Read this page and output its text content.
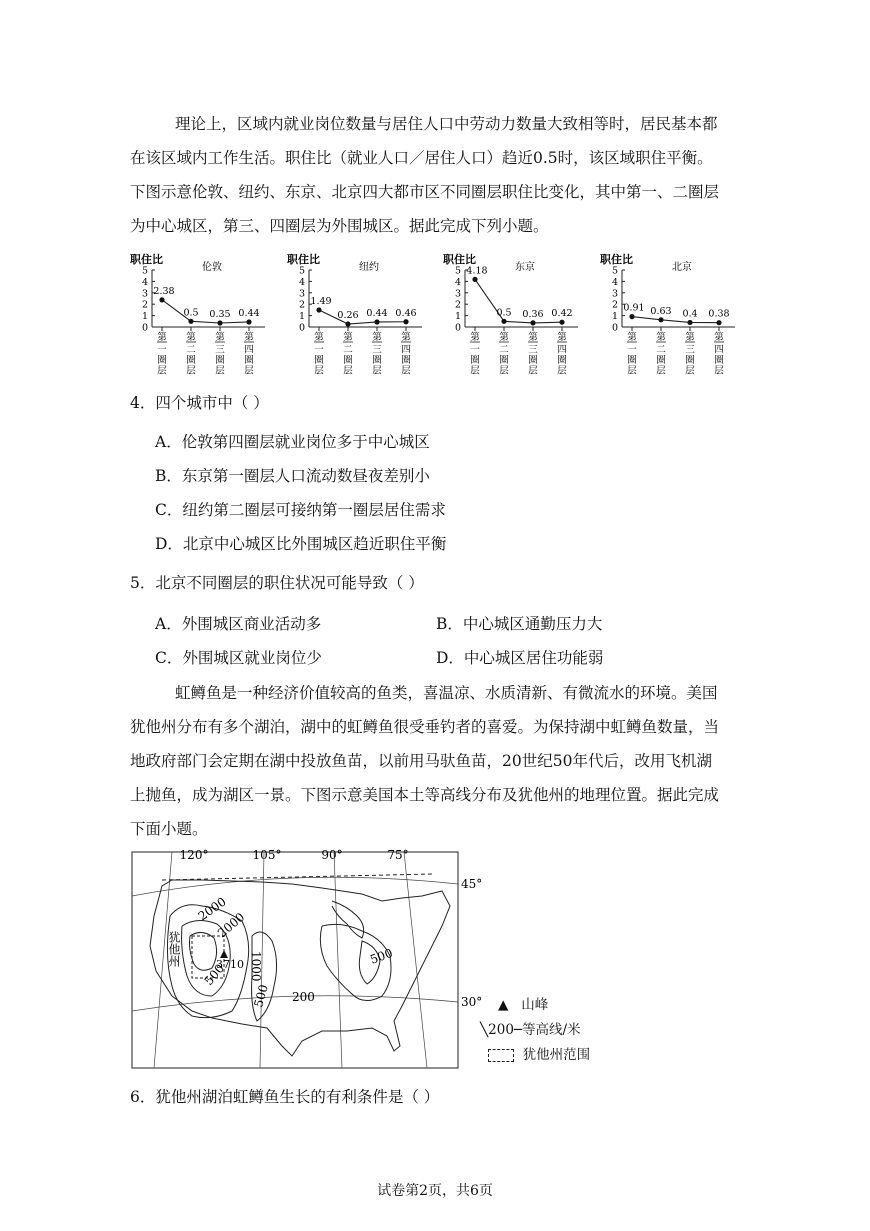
理论上，区域内就业岗位数量与居住人口中劳动力数量大致相等时，居民基本都
在该区域内工作生活。职住比（就业人口／居住人口）趋近0.5时，该区域职住平衡。
下图示意伦敦、纽约、东京、北京四大都市区不同圈层职住比变化，其中第一、二圈层
为中心城区，第三、四圈层为外围城区。据此完成下列小题。
职住比
伦敦
5
4
3
2
1
0
2.38
第
一
圈
层
0.5
第
二
圈
层
0.35
第
三
圈
层
0.44
第
四
圈
层
职住比
纽约
5
4
3
2
1
0
1.49
第
一
圈
层
0.26
第
二
圈
层
0.44
第
三
圈
层
0.46
第
四
圈
层
职住比
东京
5
4
3
2
1
0
4.18
第
一
圈
层
0.5
第
二
圈
层
0.36
第
三
圈
层
0.42
第
四
圈
层
职住比
北京
5
4
3
2
1
0
0.91
第
一
圈
层
0.63
第
二
圈
层
0.4
第
三
圈
层
0.38
第
四
圈
层
4．四个城市中（ ）
A．伦敦第四圈层就业岗位多于中心城区
B．东京第一圈层人口流动数昼夜差别小
C．纽约第二圈层可接纳第一圈层居住需求
D．北京中心城区比外围城区趋近职住平衡
5．北京不同圈层的职住状况可能导致（ ）
A．外围城区商业活动多	B．中心城区通勤压力大
C．外围城区就业岗位少	D．中心城区居住功能弱
虹鳟鱼是一种经济价值较高的鱼类，喜温凉、水质清新、有微流水的环境。美国
犹他州分布有多个湖泊，湖中的虹鳟鱼很受垂钓者的喜爱。为保持湖中虹鳟鱼数量，当
地政府部门会定期在湖中投放鱼苗，以前用马驮鱼苗，20世纪50年代后，改用飞机湖
上抛鱼，成为湖区一景。下图示意美国本土等高线分布及犹他州的地理位置。据此完成
下面小题。
120°	105°	90°	75°
45°
30°
2000
2000
1000
500
500
500
200
犹他州	3710
▲ 山峰
╲200─等高线/米
犹他州范围
6．犹他州湖泊虹鳟鱼生长的有利条件是（ ）
试卷第2页，共6页
